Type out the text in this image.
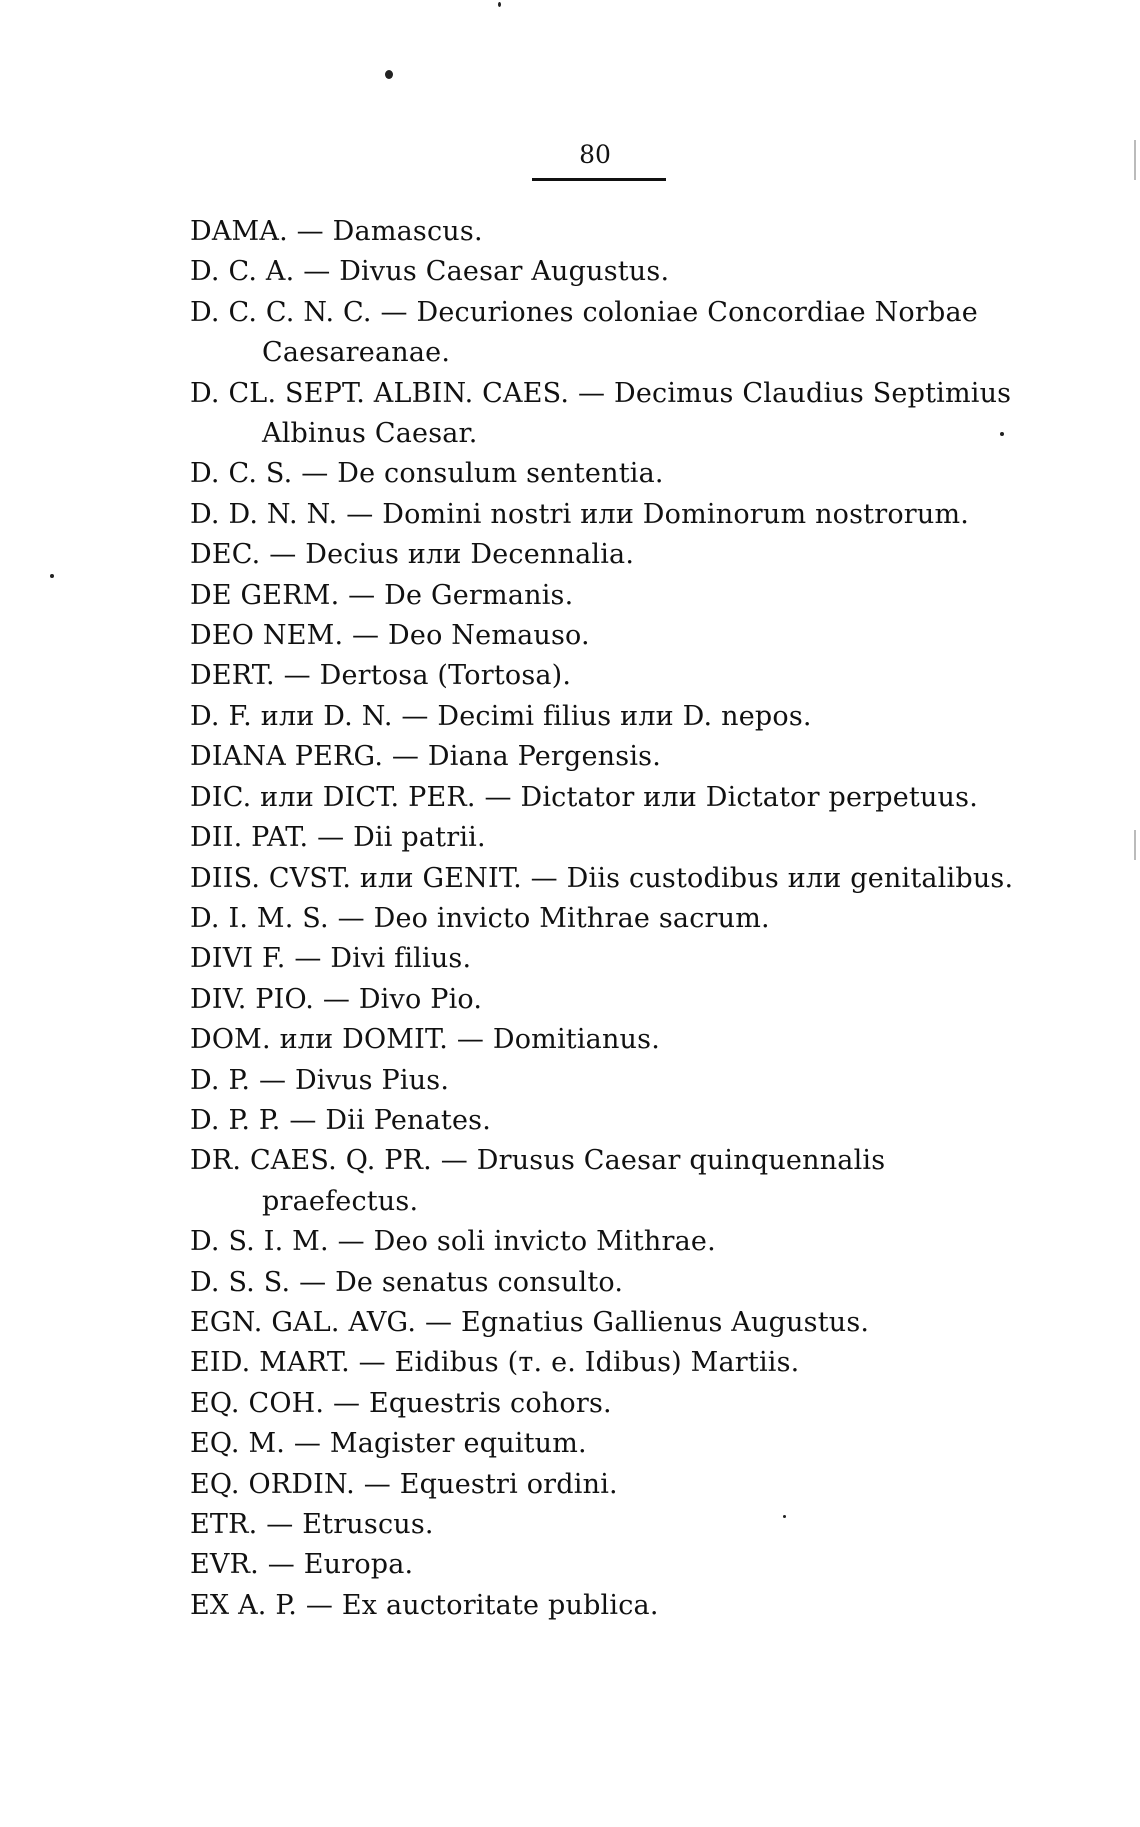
80
DAMA. — Damascus.
D. C. A. — Divus Caesar Augustus.
D. C. C. N. C. — Decuriones coloniae Concordiae Norbae Caesareanae.
D. CL. SEPT. ALBIN. CAES. — Decimus Claudius Septimius Albinus Caesar.
D. C. S. — De consulum sententia.
D. D. N. N. — Domini nostri или Dominorum nostrorum.
DEC. — Decius или Decennalia.
DE GERM. — De Germanis.
DEO NEM. — Deo Nemauso.
DERT. — Dertosa (Tortosa).
D. F. или D. N. — Decimi filius или D. nepos.
DIANA PERG. — Diana Pergensis.
DIC. или DICT. PER. — Dictator или Dictator perpetuus.
DII. PAT. — Dii patrii.
DIIS. CVST. или GENIT. — Diis custodibus или genitalibus.
D. I. M. S. — Deo invicto Mithrae sacrum.
DIVI F. — Divi filius.
DIV. PIO. — Divo Pio.
DOM. или DOMIT. — Domitianus.
D. P. — Divus Pius.
D. P. P. — Dii Penates.
DR. CAES. Q. PR. — Drusus Caesar quinquennalis praefectus.
D. S. I. M. — Deo soli invicto Mithrae.
D. S. S. — De senatus consulto.
EGN. GAL. AVG. — Egnatius Gallienus Augustus.
EID. MART. — Eidibus (т. е. Idibus) Martiis.
EQ. COH. — Equestris cohors.
EQ. M. — Magister equitum.
EQ. ORDIN. — Equestri ordini.
ETR. — Etruscus.
EVR. — Europa.
EX A. P. — Ex auctoritate publica.
